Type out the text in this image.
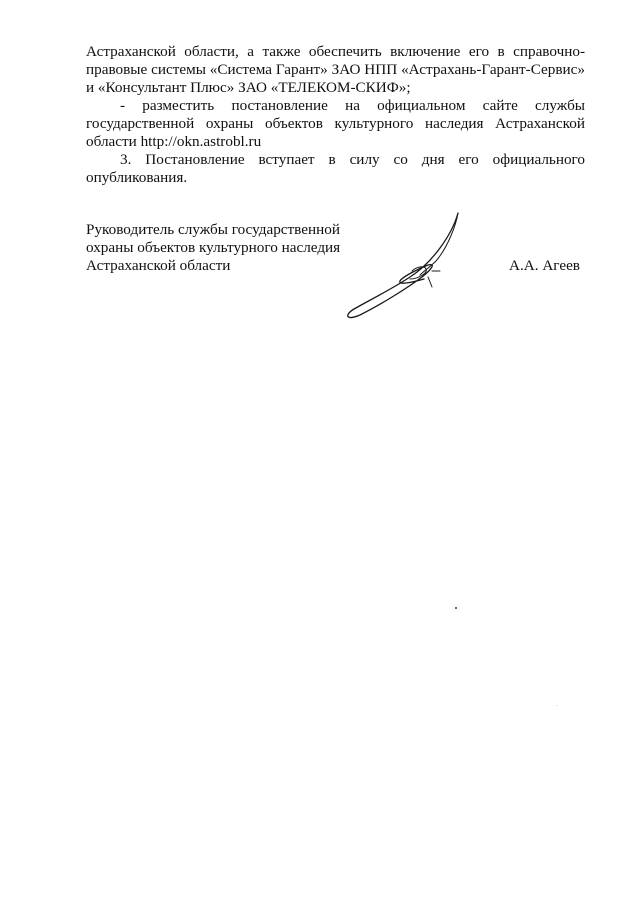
Астраханской области, а также обеспечить включение его в справочно-
правовые системы «Система Гарант» ЗАО НПП «Астрахань-Гарант-Сервис»
и «Консультант Плюс» ЗАО «ТЕЛЕКОМ-СКИФ»;

- разместить постановление на официальном сайте службы
государственной охраны объектов культурного наследия Астраханской
области http://okn.astrobl.ru

3. Постановление вступает в силу со дня его официального
опубликования.

Руководитель службы государственной
охраны объектов культурного наследия
Астраханской области	А.А. Агеев
